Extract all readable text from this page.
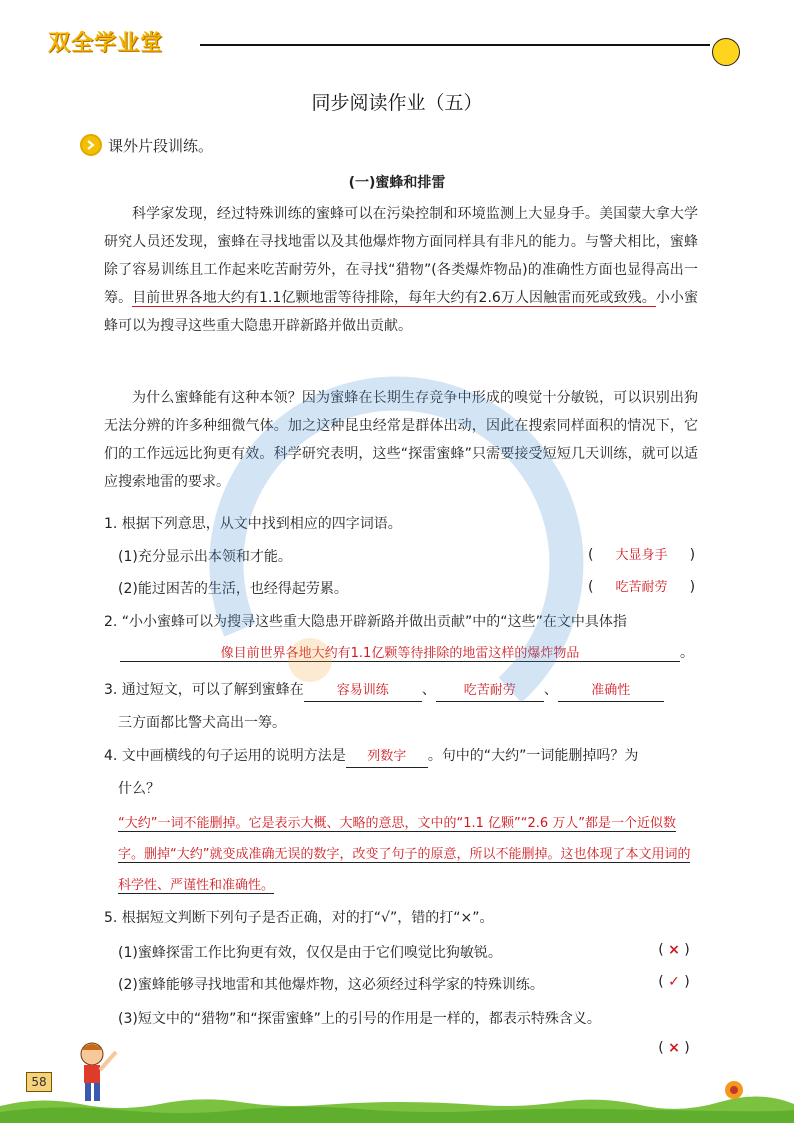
双全学业堂
同步阅读作业（五）
课外片段训练。
(一)蜜蜂和排雷

科学家发现，经过特殊训练的蜜蜂可以在污染控制和环境监测上大显身手。美国蒙大拿大学研究人员还发现，蜜蜂在寻找地雷以及其他爆炸物方面同样具有非凡的能力。与警犬相比，蜜蜂除了容易训练且工作起来吃苦耐劳外，在寻找“猎物”(各类爆炸物品)的准确性方面也显得高出一筹。目前世界各地大约有1.1亿颗地雷等待排除，每年大约有2.6万人因触雷而死或致残。小小蜜蜂可以为搜寻这些重大隐患开辟新路并做出贡献。

为什么蜜蜂能有这种本领？因为蜜蜂在长期生存竞争中形成的嗅觉十分敏锐，可以识别出狗无法分辨的许多种细微气体。加之这种昆虫经常是群体出动，因此在搜索同样面积的情况下，它们的工作远远比狗更有效。科学研究表明，这些“探雷蜜蜂”只需要接受短短几天训练，就可以适应搜索地雷的要求。

1. 根据下列意思，从文中找到相应的四字词语。
(1)充分显示出本领和才能。	( 大显身手 )
(2)能过困苦的生活，也经得起劳累。	( 吃苦耐劳 )
2. “小小蜜蜂可以为搜寻这些重大隐患开辟新路并做出贡献”中的“这些”在文中具体指
像目前世界各地大约有1.1亿颗等待排除的地雷这样的爆炸物品	。
3. 通过短文，可以了解到蜜蜂在	容易训练 、 吃苦耐劳 、	准确性
三方面都比警犬高出一筹。
4. 文中画横线的句子运用的说明方法是 列数字 。句中的“大约”一词能删掉吗？为
什么？

“大约”一词不能删掉。它是表示大概、大略的意思，文中的“1.1 亿颗”“2.6 万人”都是一个近似数字。删掉“大约”就变成准确无误的数字，改变了句子的原意，所以不能删掉。这也体现了本文用词的科学性、严谨性和准确性。

5. 根据短文判断下列句子是否正确，对的打“√”，错的打“×”。
(1)蜜蜂探雷工作比狗更有效，仅仅是由于它们嗅觉比狗敏锐。	( × )
(2)蜜蜂能够寻找地雷和其他爆炸物，这必须经过科学家的特殊训练。	( ✓ )
(3)短文中的“猎物”和“探雷蜜蜂”上的引号的作用是一样的，都表示特殊含义。
( × )
58
